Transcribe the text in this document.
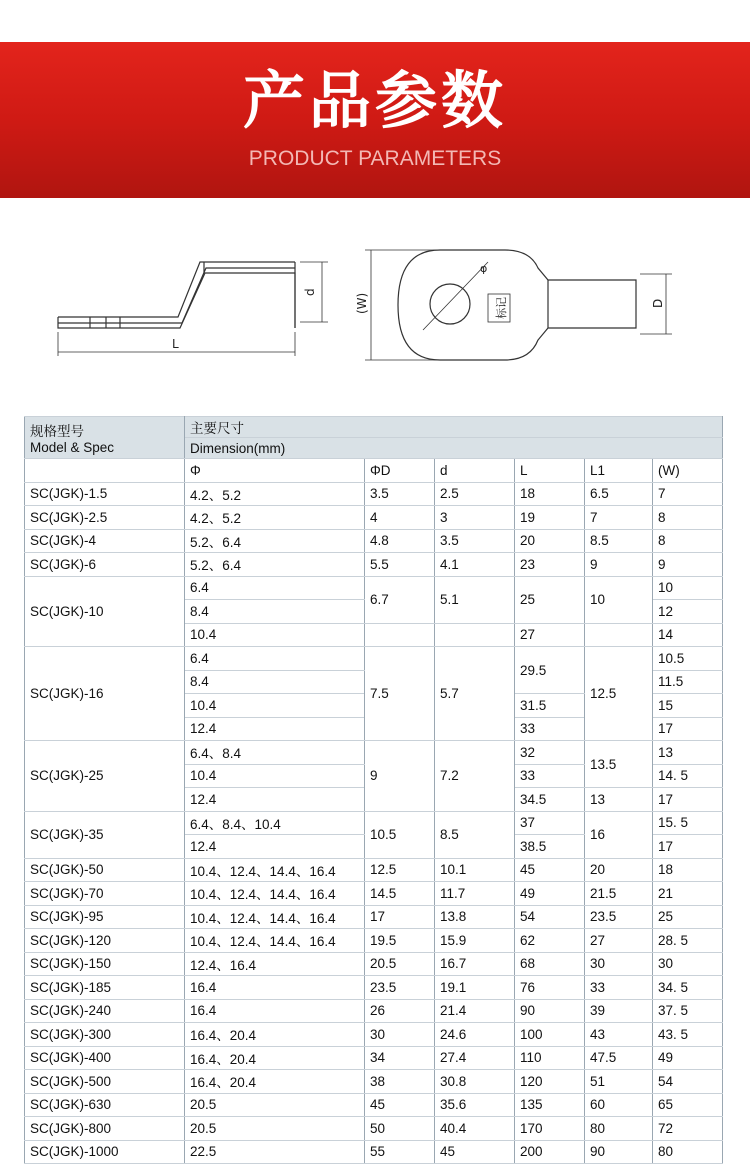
产品参数
PRODUCT PARAMETERS
d
L
(W)	D
标记
φ
规格型号
Model & Spec	主要尺寸					
	Dimension(mm)					
	Φ	ΦD	d	L	L1	(W)
SC(JGK)-1.5	4.2、5.2	3.5	2.5	18	6.5	7
SC(JGK)-2.5	4.2、5.2	4	3	19	7	8
SC(JGK)-4	5.2、6.4	4.8	3.5	20	8.5	8
SC(JGK)-6	5.2、6.4	5.5	4.1	23	9	9
SC(JGK)-10	6.4	6.7	5.1	25	10	10
	8.4					12
	10.4			27		14
SC(JGK)-16	6.4	7.5	5.7	29.5	12.5	10.5
	8.4					11.5
	10.4			31.5		15
	12.4			33		17
SC(JGK)-25	6.4、8.4	9	7.2	32	13.5	13
	10.4			33		14. 5
	12.4			34.5	13	17
SC(JGK)-35	6.4、8.4、10.4	10.5	8.5	37	16	15. 5
	12.4			38.5		17
SC(JGK)-50	10.4、12.4、14.4、16.4	12.5	10.1	45	20	18
SC(JGK)-70	10.4、12.4、14.4、16.4	14.5	11.7	49	21.5	21
SC(JGK)-95	10.4、12.4、14.4、16.4	17	13.8	54	23.5	25
SC(JGK)-120	10.4、12.4、14.4、16.4	19.5	15.9	62	27	28. 5
SC(JGK)-150	12.4、16.4	20.5	16.7	68	30	30
SC(JGK)-185	16.4	23.5	19.1	76	33	34. 5
SC(JGK)-240	16.4	26	21.4	90	39	37. 5
SC(JGK)-300	16.4、20.4	30	24.6	100	43	43. 5
SC(JGK)-400	16.4、20.4	34	27.4	110	47.5	49
SC(JGK)-500	16.4、20.4	38	30.8	120	51	54
SC(JGK)-630	20.5	45	35.6	135	60	65
SC(JGK)-800	20.5	50	40.4	170	80	72
SC(JGK)-1000	22.5	55	45	200	90	80
